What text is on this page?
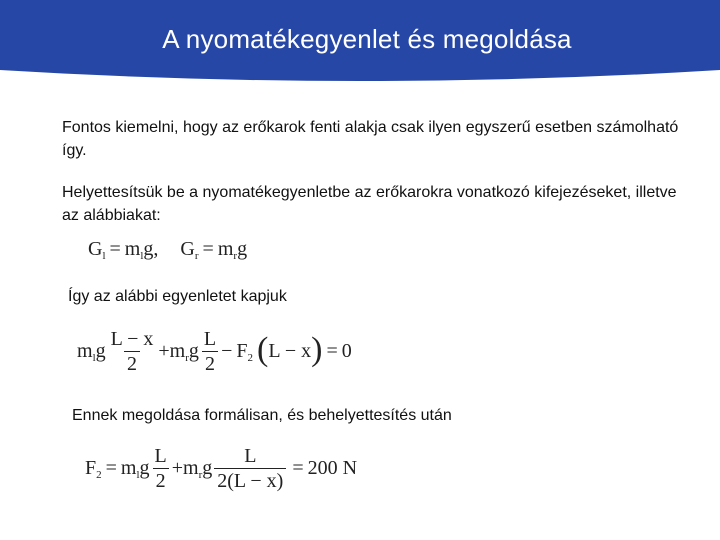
A nyomatékegyenlet és megoldása
Fontos kiemelni, hogy az erőkarok fenti alakja csak ilyen egyszerű esetben számolható így.
Helyettesítsük be a nyomatékegyenletbe az erőkarokra vonatkozó kifejezéseket, illetve az alábbiakat:
G l = m l g , G r = m r g
Így az alábbi egyenletet kapjuk
m l g $\frac{L - x}{2} + m$ r g $\frac{L}{2} - F$ 2 ( L − x ) = 0
Ennek megoldása formálisan, és behelyettesítés után
F 2 = m l g $\frac{L}{2} + m$ r g $\frac{L}{2(L - x)} = 200$ N
